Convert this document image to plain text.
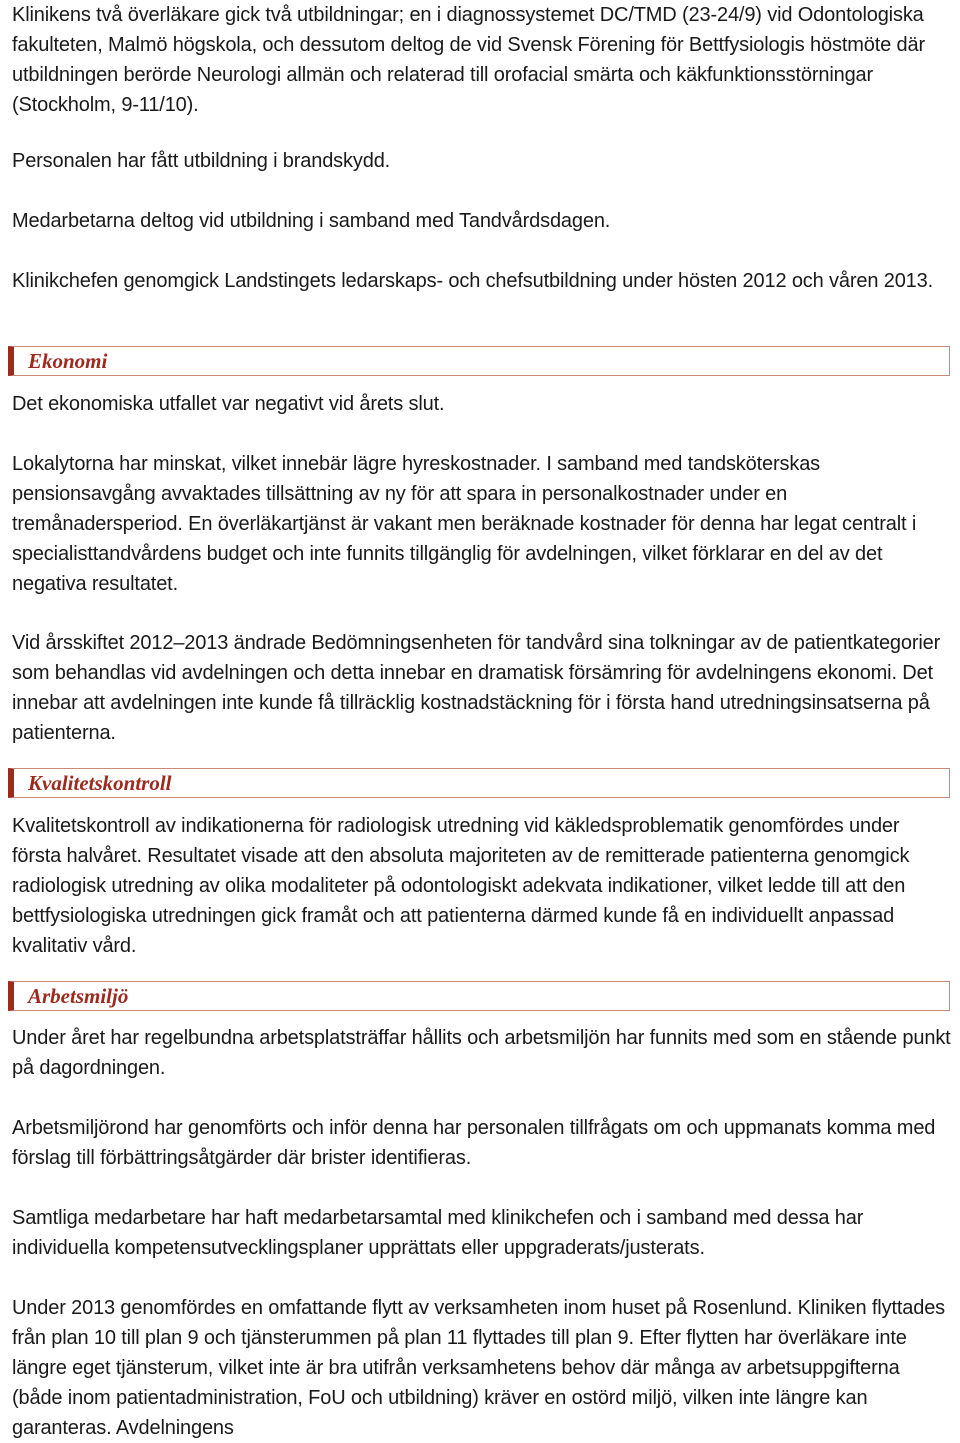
Klinikens två överläkare gick två utbildningar; en i diagnossystemet DC/TMD (23-24/9) vid Odontologiska fakulteten, Malmö högskola, och dessutom deltog de vid Svensk Förening för Bettfysiologis höstmöte där utbildningen berörde Neurologi allmän och relaterad till orofacial smärta och käkfunktionsstörningar (Stockholm, 9-11/10).

Personalen har fått utbildning i brandskydd.

Medarbetarna deltog vid utbildning i samband med Tandvårdsdagen.

Klinikchefen genomgick Landstingets ledarskaps- och chefsutbildning under hösten 2012 och våren 2013.

Ekonomi

Det ekonomiska utfallet var negativt vid årets slut.

Lokalytorna har minskat, vilket innebär lägre hyreskostnader. I samband med tandsköterskas pensionsavgång avvaktades tillsättning av ny för att spara in personalkostnader under en tremånadersperiod. En överläkartjänst är vakant men beräknade kostnader för denna har legat centralt i specialisttandvårdens budget och inte funnits tillgänglig för avdelningen, vilket förklarar en del av det negativa resultatet.

Vid årsskiftet 2012–2013 ändrade Bedömningsenheten för tandvård sina tolkningar av de patientkategorier som behandlas vid avdelningen och detta innebar en dramatisk försämring för avdelningens ekonomi. Det innebar att avdelningen inte kunde få tillräcklig kostnadstäckning för i första hand utredningsinsatserna på patienterna.

Kvalitetskontroll

Kvalitetskontroll av indikationerna för radiologisk utredning vid käkledsproblematik genomfördes under första halvåret. Resultatet visade att den absoluta majoriteten av de remitterade patienterna genomgick radiologisk utredning av olika modaliteter på odontologiskt adekvata indikationer, vilket ledde till att den bettfysiologiska utredningen gick framåt och att patienterna därmed kunde få en individuellt anpassad kvalitativ vård.

Arbetsmiljö

Under året har regelbundna arbetsplatsträffar hållits och arbetsmiljön har funnits med som en stående punkt på dagordningen.

Arbetsmiljörond har genomförts och inför denna har personalen tillfrågats om och uppmanats komma med förslag till förbättringsåtgärder där brister identifieras.

Samtliga medarbetare har haft medarbetarsamtal med klinikchefen och i samband med dessa har individuella kompetensutvecklingsplaner upprättats eller uppgraderats/justerats.

Under 2013 genomfördes en omfattande flytt av verksamheten inom huset på Rosenlund. Kliniken flyttades från plan 10 till plan 9 och tjänsterummen på plan 11 flyttades till plan 9. Efter flytten har överläkare inte längre eget tjänsterum, vilket inte är bra utifrån verksamhetens behov där många av arbetsuppgifterna (både inom patientadministration, FoU och utbildning) kräver en ostörd miljö, vilken inte längre kan garanteras. Avdelningens
